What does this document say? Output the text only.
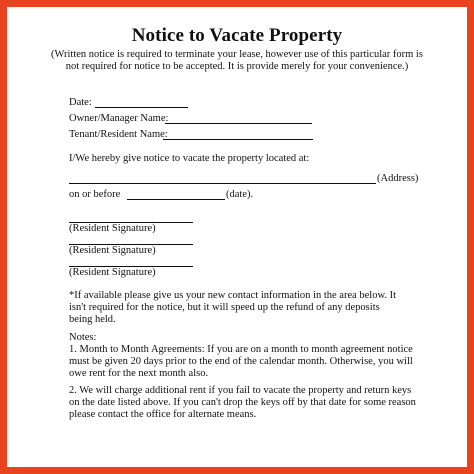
Notice to Vacate Property
(Written notice is required to terminate your lease, however use of this particular form is not required for notice to be accepted. It is provide merely for your convenience.)
Date:
Owner/Manager Name:
Tenant/Resident Name:
I/We hereby give notice to vacate the property located at:
(Address)
on or before	(date).
(Resident Signature)
(Resident Signature)
(Resident Signature)
*If available please give us your new contact information in the area below. It isn't required for the notice, but it will speed up the refund of any deposits being held.
Notes:
1. Month to Month Agreements: If you are on a month to month agreement notice must be given 20 days prior to the end of the calendar month. Otherwise, you will owe rent for the next month also.
2. We will charge additional rent if you fail to vacate the property and return keys on the date listed above. If you can't drop the keys off by that date for some reason please contact the office for alternate means.
